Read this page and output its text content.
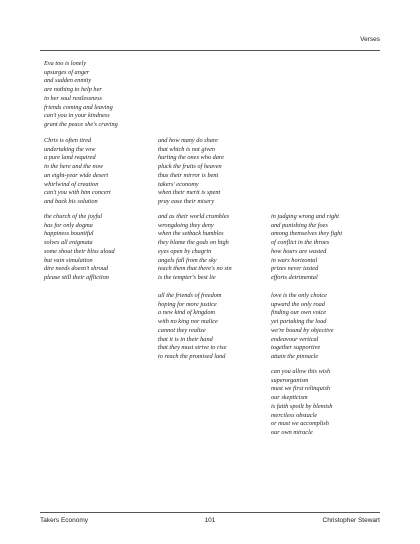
Verses
Eva too is lonely
upsurges of anger
and sudden enmity
are nothing to help her
in her soul restlessness
friends coming and leaving
can't you in your kindness
grant the peace she's craving
Chris is often tired
undertaking the vow
a pure land required
in the here and the now
an eight-year wide desert
whirlwind of creation
can't you with him concert
and back his solution
the church of the joyful
has for only dogma
happiness bountiful
solves all enigmata
some shout their bliss aloud
but vain simulation
dire needs doesn't shroud
please still their affliction
and how many do share
that which is not given
hurting the ones who dare
pluck the fruits of heaven
thus their mirror is bent
takers' economy
when their merit is spent
pray ease their misery
and as their world crumbles
wrongdoing they deny
when the setback humbles
they blame the gods on high
eyes open by chagrin
angels fall from the sky
teach them that there's no sin
is the tempter's best lie
all the friends of freedom
hoping for more justice
a new kind of kingdom
with no king nor malice
cannot they realize
that it is in their hand
that they must strive to rise
to reach the promised land
in judging wrong and right
and punishing the foes
among themselves they fight
of conflict in the throes
how hours are wasted
in wars horizontal
prizes never tasted
efforts detrimental
love is the only choice
upward the only road
finding our own voice
yet partaking the load
we're bound by objective
endeavour vertical
together supportive
attain the pinnacle
can you allow this wish
superorganism
must we first relinquish
our skepticism
is faith spoilt by blemish
merciless obstacle
or must we accomplish
our own miracle
Takers Economy	101	Christopher Stewart
